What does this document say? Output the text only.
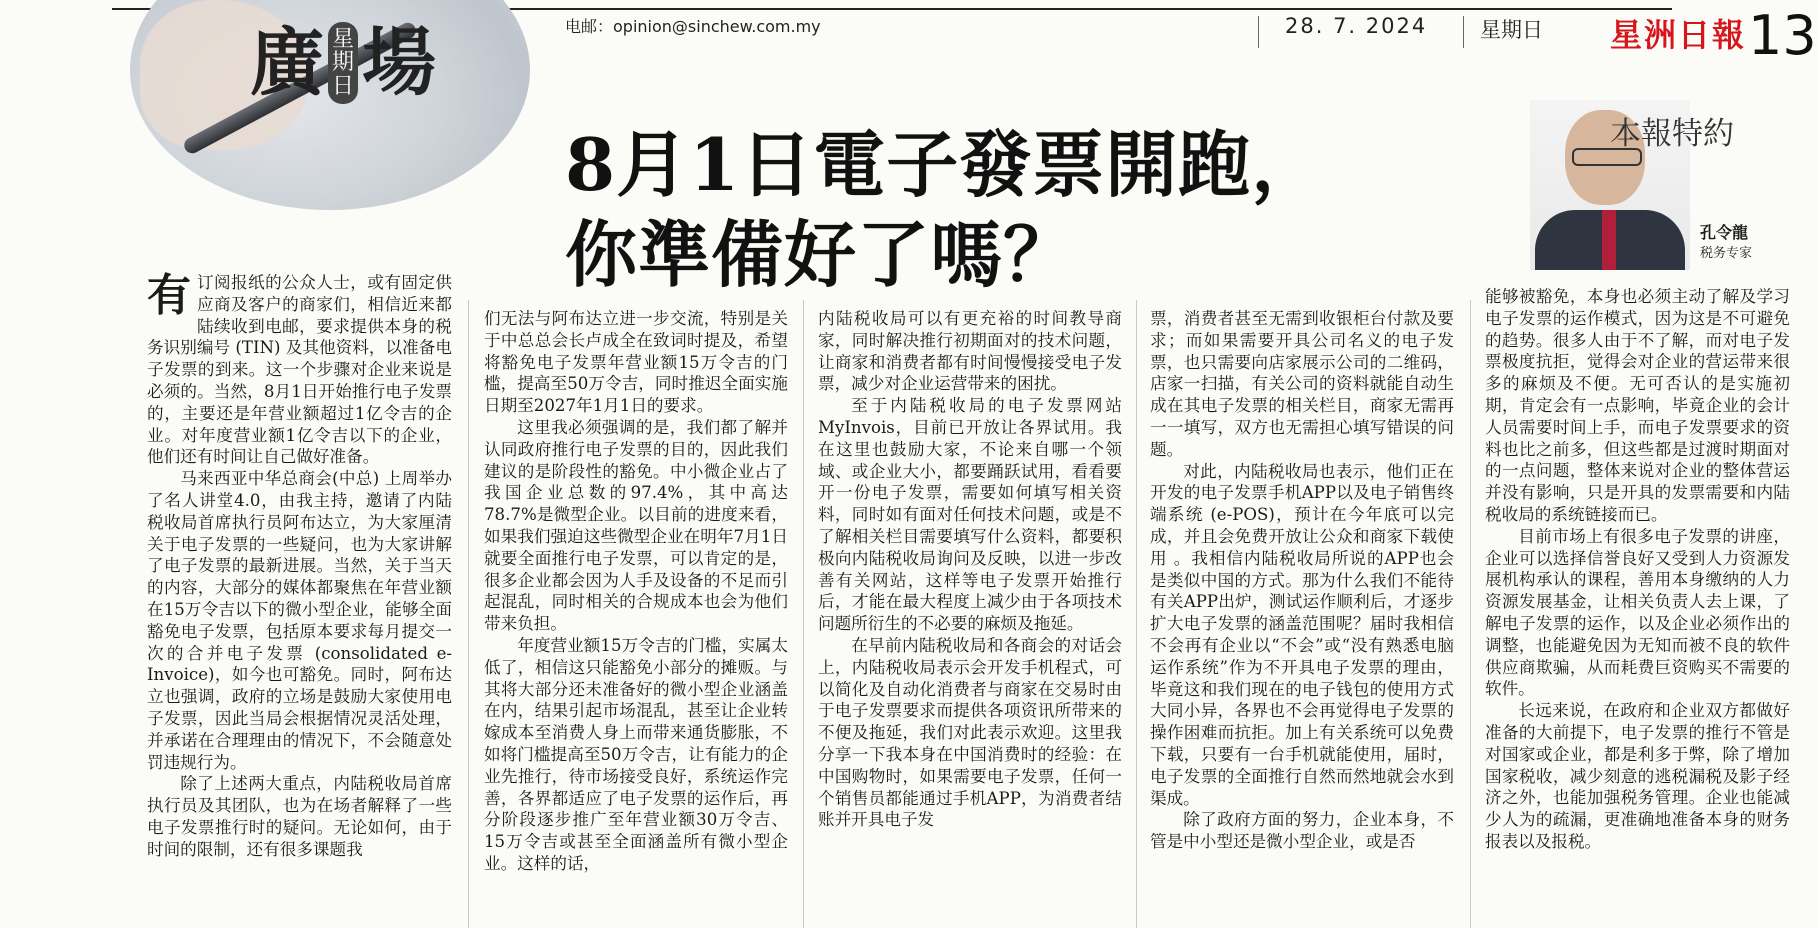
廣 星
期
日 場	电邮：opinion@sinchew.com.my	28. 7. 2024	星期日 星洲日報 13
8月1日電子發票開跑，
你準備好了嗎？
本報特約
孔令龍
税务专家

有订阅报纸的公众人士，或有固定供应商及客户的商家们，相信近来都陆续收到电邮，要求提供本身的税务识别编号 (TIN) 及其他资料，以准备电子发票的到来。这一个步骤对企业来说是必须的。当然，8月1日开始推行电子发票的，主要还是年营业额超过1亿令吉的企业。对年度营业额1亿令吉以下的企业，他们还有时间让自己做好准备。

马来西亚中华总商会(中总) 上周举办了名人讲堂4.0，由我主持，邀请了内陆税收局首席执行员阿布达立，为大家厘清关于电子发票的一些疑问，也为大家讲解了电子发票的最新进展。当然，关于当天的内容，大部分的媒体都聚焦在年营业额在15万令吉以下的微小型企业，能够全面豁免电子发票，包括原本要求每月提交一次的合并电子发票 (consolidated e-Invoice)，如今也可豁免。同时，阿布达立也强调，政府的立场是鼓励大家使用电子发票，因此当局会根据情况灵活处理，并承诺在合理理由的情况下，不会随意处罚违规行为。

除了上述两大重点，内陆税收局首席执行员及其团队，也为在场者解释了一些电子发票推行时的疑问。无论如何，由于时间的限制，还有很多课题我

们无法与阿布达立进一步交流，特别是关于中总总会长卢成全在致词时提及，希望将豁免电子发票年营业额15万令吉的门槛，提高至50万令吉，同时推迟全面实施日期至2027年1月1日的要求。

这里我必须强调的是，我们都了解并认同政府推行电子发票的目的，因此我们建议的是阶段性的豁免。中小微企业占了我国企业总数的97.4%，其中高达78.7%是微型企业。以目前的进度来看，如果我们强迫这些微型企业在明年7月1日就要全面推行电子发票，可以肯定的是，很多企业都会因为人手及设备的不足而引起混乱，同时相关的合规成本也会为他们带来负担。

年度营业额15万令吉的门槛，实属太低了，相信这只能豁免小部分的摊贩。与其将大部分还未准备好的微小型企业涵盖在内，结果引起市场混乱，甚至让企业转嫁成本至消费人身上而带来通货膨胀，不如将门槛提高至50万令吉，让有能力的企业先推行，待市场接受良好，系统运作完善，各界都适应了电子发票的运作后，再分阶段逐步推广至年营业额30万令吉、15万令吉或甚至全面涵盖所有微小型企业。这样的话，

内陆税收局可以有更充裕的时间教导商家，同时解决推行初期面对的技术问题，让商家和消费者都有时间慢慢接受电子发票，减少对企业运营带来的困扰。

至于内陆税收局的电子发票网站MyInvois，目前已开放让各界试用。我在这里也鼓励大家，不论来自哪一个领域、或企业大小，都要踊跃试用，看看要开一份电子发票，需要如何填写相关资料，同时如有面对任何技术问题，或是不了解相关栏目需要填写什么资料，都要积极向内陆税收局询问及反映，以进一步改善有关网站，这样等电子发票开始推行后，才能在最大程度上减少由于各项技术问题所衍生的不必要的麻烦及拖延。

在早前内陆税收局和各商会的对话会上，内陆税收局表示会开发手机程式，可以简化及自动化消费者与商家在交易时由于电子发票要求而提供各项资讯所带来的不便及拖延，我们对此表示欢迎。这里我分享一下我本身在中国消费时的经验：在中国购物时，如果需要电子发票，任何一个销售员都能通过手机APP，为消费者结账并开具电子发

票，消费者甚至无需到收银柜台付款及要求；而如果需要开具公司名义的电子发票，也只需要向店家展示公司的二维码，店家一扫描，有关公司的资料就能自动生成在其电子发票的相关栏目，商家无需再一一填写，双方也无需担心填写错误的问题。

对此，内陆税收局也表示，他们正在开发的电子发票手机APP以及电子销售终端系统 (e-POS)，预计在今年底可以完成，并且会免费开放让公众和商家下载使用 。我相信内陆税收局所说的APP也会是类似中国的方式。那为什么我们不能待有关APP出炉，测试运作顺利后，才逐步扩大电子发票的涵盖范围呢？届时我相信不会再有企业以“不会”或“没有熟悉电脑运作系统”作为不开具电子发票的理由，毕竟这和我们现在的电子钱包的使用方式大同小异，各界也不会再觉得电子发票的操作困难而抗拒。加上有关系统可以免费下载，只要有一台手机就能使用，届时，电子发票的全面推行自然而然地就会水到渠成。

除了政府方面的努力，企业本身，不管是中小型还是微小型企业，或是否

能够被豁免，本身也必须主动了解及学习电子发票的运作模式，因为这是不可避免的趋势。很多人由于不了解，而对电子发票极度抗拒，觉得会对企业的营运带来很多的麻烦及不便。无可否认的是实施初期，肯定会有一点影响，毕竟企业的会计人员需要时间上手，而电子发票要求的资料也比之前多，但这些都是过渡时期面对的一点问题，整体来说对企业的整体营运并没有影响，只是开具的发票需要和内陆税收局的系统链接而已。

目前市场上有很多电子发票的讲座，企业可以选择信誉良好又受到人力资源发展机构承认的课程，善用本身缴纳的人力资源发展基金，让相关负责人去上课，了解电子发票的运作，以及企业必须作出的调整，也能避免因为无知而被不良的软件供应商欺骗，从而耗费巨资购买不需要的软件。

长远来说，在政府和企业双方都做好准备的大前提下，电子发票的推行不管是对国家或企业，都是利多于弊，除了增加国家税收，减少刻意的逃税漏税及影子经济之外，也能加强税务管理。企业也能减少人为的疏漏，更准确地准备本身的财务报表以及报税。
